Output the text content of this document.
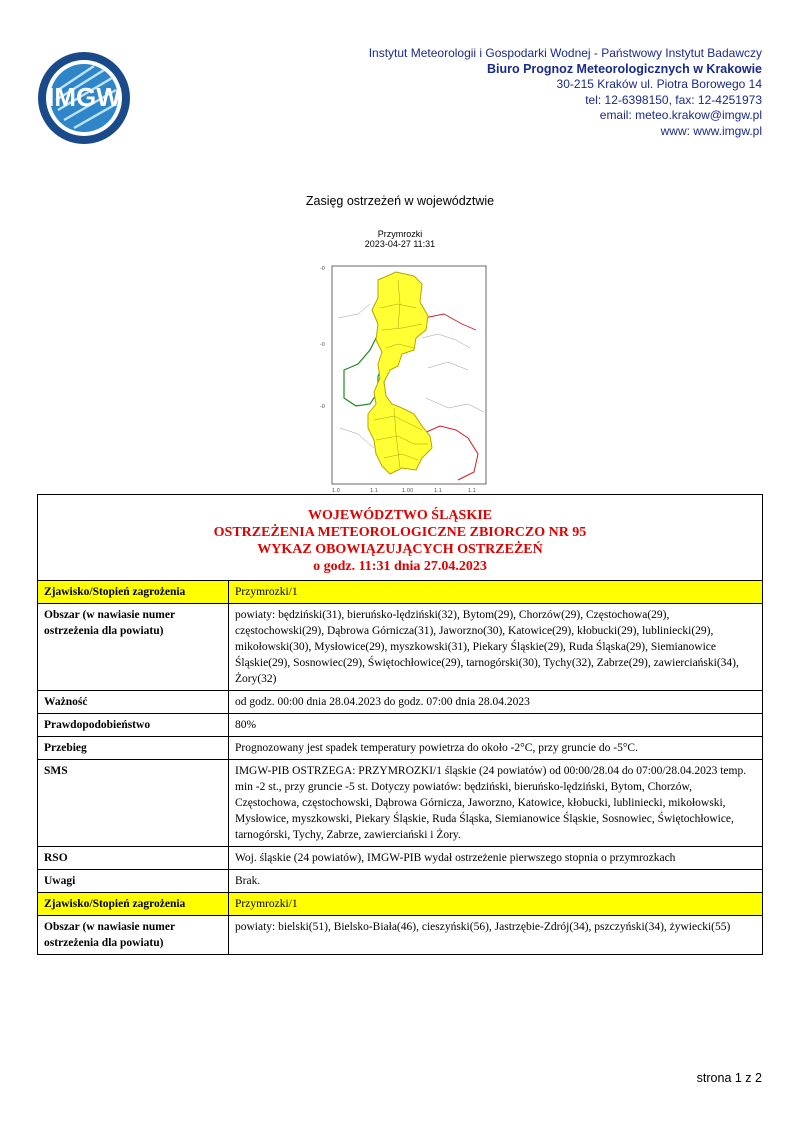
IMGW
Instytut Meteorologii i Gospodarki Wodnej - Państwowy Instytut Badawczy
Biuro Prognoz Meteorologicznych w Krakowie
30-215 Kraków ul. Piotra Borowego 14
tel: 12-6398150, fax: 12-4251973
email: meteo.krakow@imgw.pl
www: www.imgw.pl
Zasięg ostrzeżeń w województwie
Przymrozki
2023-04-27 11:31
-0
-0
-0
1.0	1.1	1.00	1.1	1.1
WOJEWÓDZTWO ŚLĄSKIE
OSTRZEŻENIA METEOROLOGICZNE ZBIORCZO NR 95
WYKAZ OBOWIĄZUJĄCYCH OSTRZEŻEŃ
o godz. 11:31 dnia 27.04.2023	

Zjawisko/Stopień zagrożenia	Przymrozki/1
Obszar (w nawiasie numer ostrzeżenia dla powiatu)	powiaty: będziński(31), bieruńsko-lędziński(32), Bytom(29), Chorzów(29), Częstochowa(29), częstochowski(29), Dąbrowa Górnicza(31), Jaworzno(30), Katowice(29), kłobucki(29), lubliniecki(29), mikołowski(30), Mysłowice(29), myszkowski(31), Piekary Śląskie(29), Ruda Śląska(29), Siemianowice Śląskie(29), Sosnowiec(29), Świętochłowice(29), tarnogórski(30), Tychy(32), Zabrze(29), zawierciański(34), Żory(32)
Ważność	od godz. 00:00 dnia 28.04.2023 do godz. 07:00 dnia 28.04.2023
Prawdopodobieństwo	80%
Przebieg	Prognozowany jest spadek temperatury powietrza do około -2°C, przy gruncie do -5°C.
SMS	IMGW-PIB OSTRZEGA: PRZYMROZKI/1 śląskie (24 powiatów) od 00:00/28.04 do 07:00/28.04.2023 temp. min -2 st., przy gruncie -5 st. Dotyczy powiatów: będziński, bieruńsko-lędziński, Bytom, Chorzów, Częstochowa, częstochowski, Dąbrowa Górnicza, Jaworzno, Katowice, kłobucki, lubliniecki, mikołowski, Mysłowice, myszkowski, Piekary Śląskie, Ruda Śląska, Siemianowice Śląskie, Sosnowiec, Świętochłowice, tarnogórski, Tychy, Zabrze, zawierciański i Żory.
RSO	Woj. śląskie (24 powiatów), IMGW-PIB wydał ostrzeżenie pierwszego stopnia o przymrozkach
Uwagi	Brak.
Zjawisko/Stopień zagrożenia	Przymrozki/1
Obszar (w nawiasie numer ostrzeżenia dla powiatu)	powiaty: bielski(51), Bielsko-Biała(46), cieszyński(56), Jastrzębie-Zdrój(34), pszczyński(34), żywiecki(55)
strona 1 z 2
